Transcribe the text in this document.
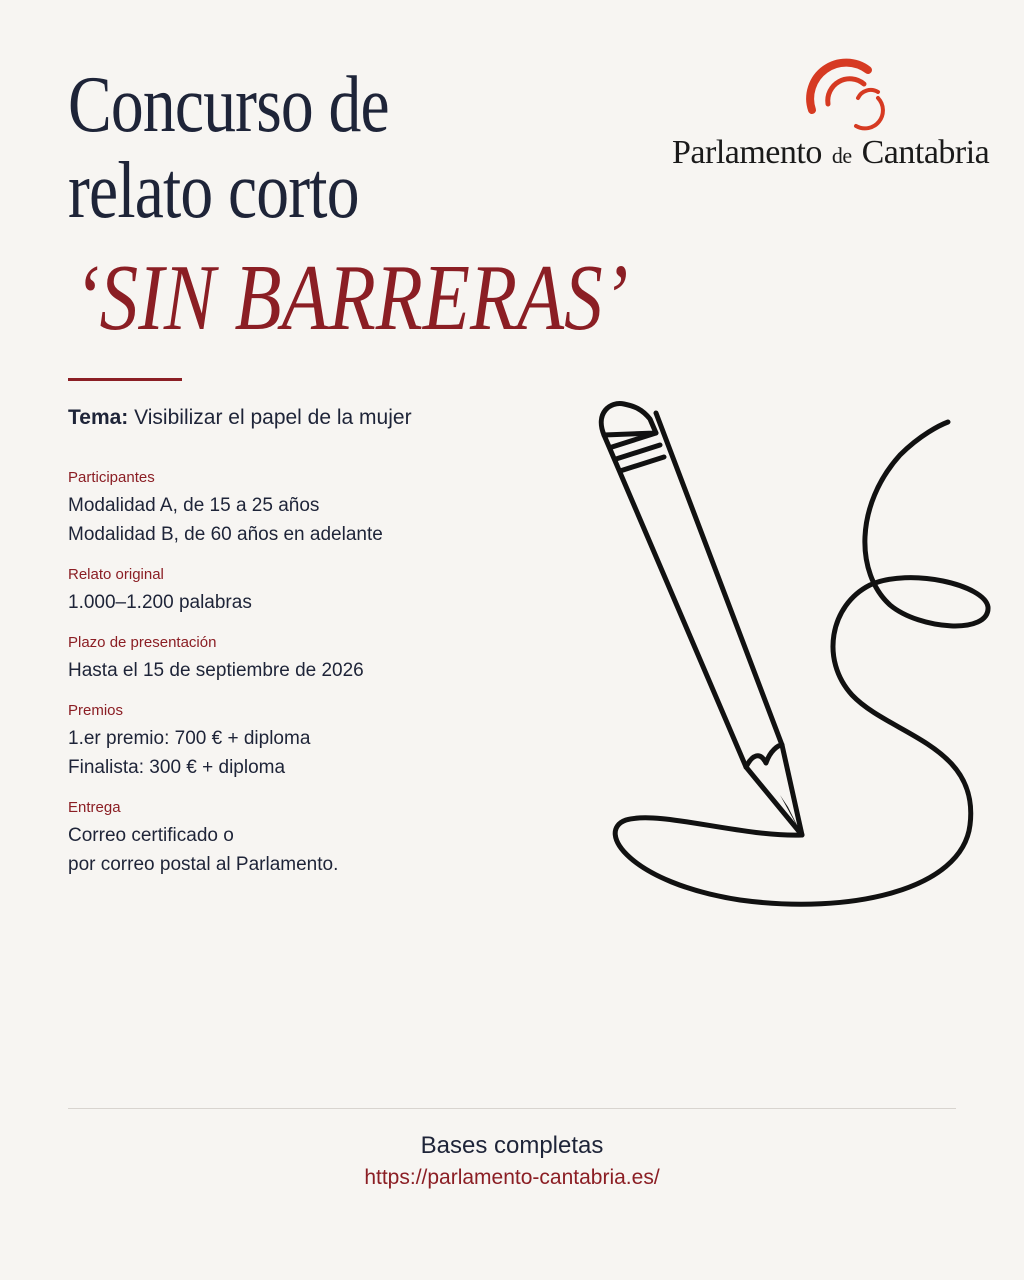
Concurso de
relato corto
‘SIN BARRERAS’
Parlamento de Cantabria

Tema: Visibilizar el papel de la mujer

Participantes
Modalidad A, de 15 a 25 años
Modalidad B, de 60 años en adelante
Relato original
1.000–1.200 palabras
Plazo de presentación
Hasta el 15 de septiembre de 2026
Premios
1.er premio: 700 € + diploma
Finalista: 300 € + diploma
Entrega
Correo certificado o
por correo postal al Parlamento.
Bases completas
https://parlamento-cantabria.es/
